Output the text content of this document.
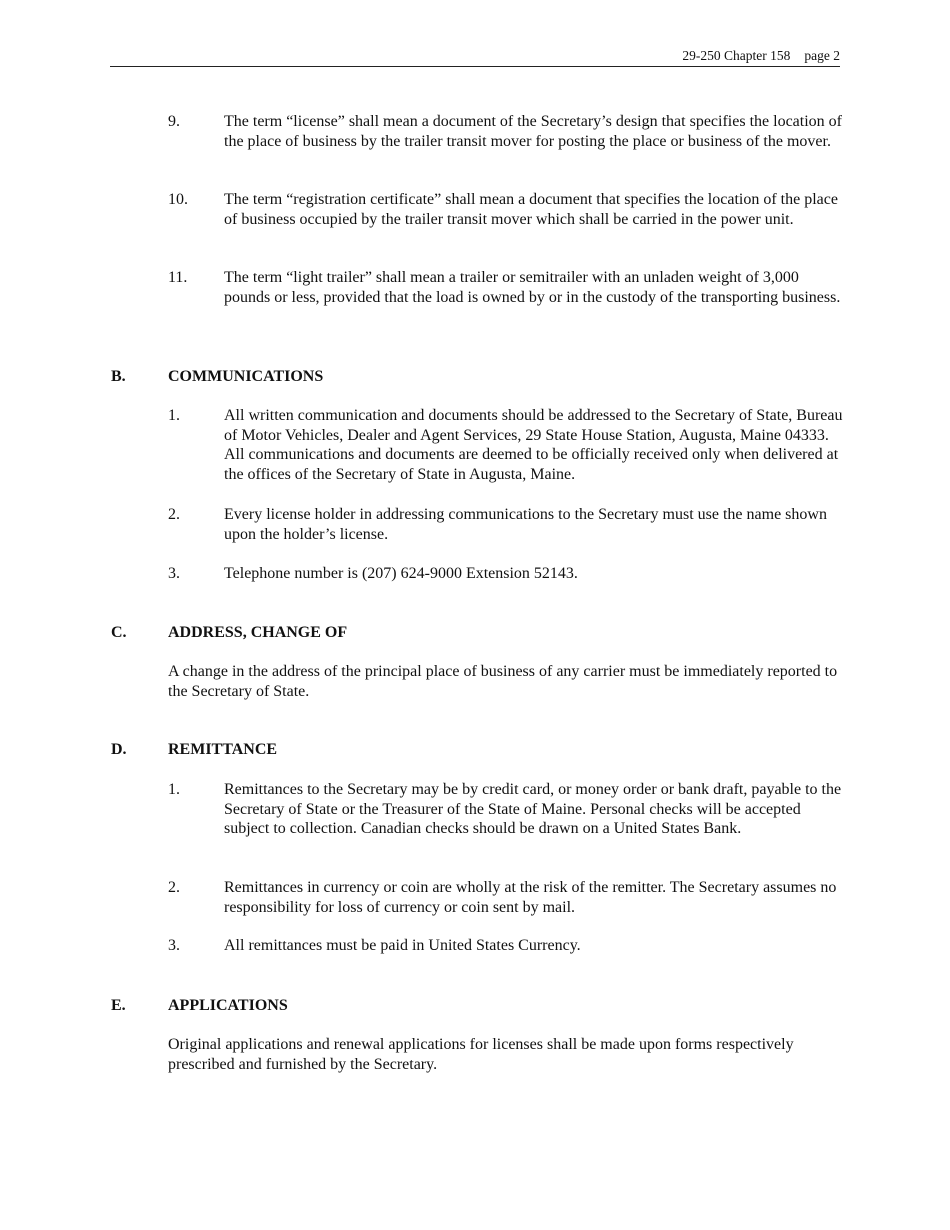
29-250 Chapter 158 page 2
9.	The term “license” shall mean a document of the Secretary’s design that specifies the location of the place of business by the trailer transit mover for posting the place or business of the mover.
10. The term “registration certificate” shall mean a document that specifies the location of the place of business occupied by the trailer transit mover which shall be carried in the power unit.
11. The term “light trailer” shall mean a trailer or semitrailer with an unladen weight of 3,000 pounds or less, provided that the load is owned by or in the custody of the transporting business.
B.	COMMUNICATIONS
1.	All written communication and documents should be addressed to the Secretary of State, Bureau of Motor Vehicles, Dealer and Agent Services, 29 State House Station, Augusta, Maine 04333. All communications and documents are deemed to be officially received only when delivered at the offices of the Secretary of State in Augusta, Maine.
2.	Every license holder in addressing communications to the Secretary must use the name shown upon the holder’s license.
3.	Telephone number is (207) 624-9000 Extension 52143.
C.	ADDRESS, CHANGE OF
A change in the address of the principal place of business of any carrier must be immediately reported to the Secretary of State.
D.	REMITTANCE
1.	Remittances to the Secretary may be by credit card, or money order or bank draft, payable to the Secretary of State or the Treasurer of the State of Maine. Personal checks will be accepted subject to collection. Canadian checks should be drawn on a United States Bank.
2.	Remittances in currency or coin are wholly at the risk of the remitter. The Secretary assumes no responsibility for loss of currency or coin sent by mail.
3.	All remittances must be paid in United States Currency.
E.	APPLICATIONS
Original applications and renewal applications for licenses shall be made upon forms respectively prescribed and furnished by the Secretary.
